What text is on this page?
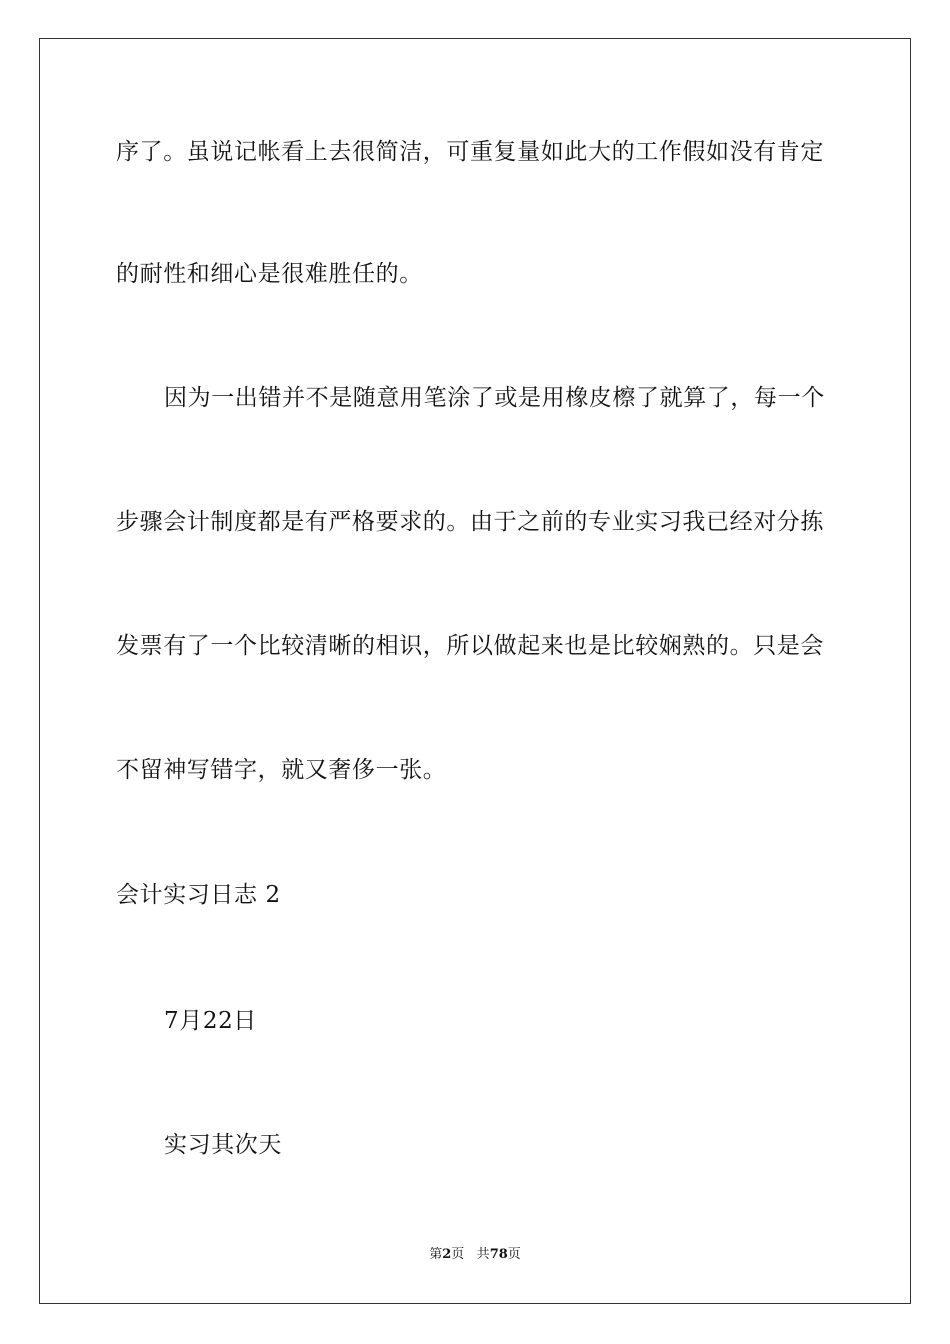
序了。虽说记帐看上去很简洁，可重复量如此大的工作假如没有肯定
的耐性和细心是很难胜任的。
因为一出错并不是随意用笔涂了或是用橡皮檫了就算了，每一个
步骤会计制度都是有严格要求的。由于之前的专业实习我已经对分拣
发票有了一个比较清晰的相识，所以做起来也是比较娴熟的。只是会
不留神写错字，就又奢侈一张。
会计实习日志 2
7月22日
实习其次天
第2页 共78页
